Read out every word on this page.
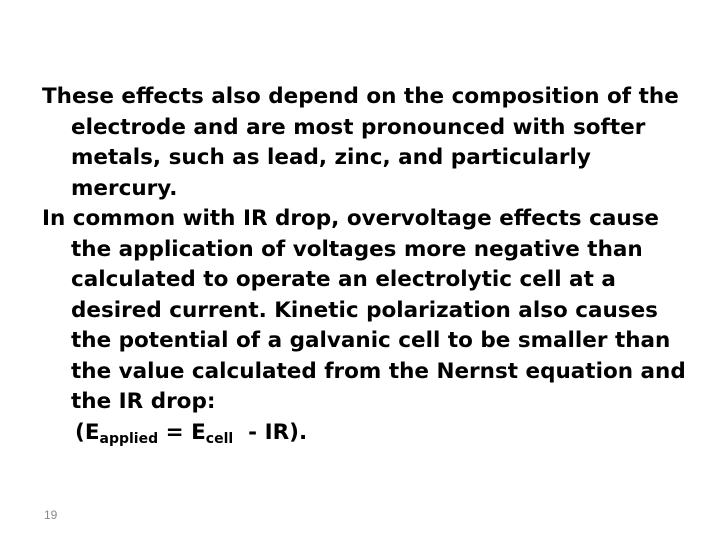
These effects also depend on the composition of the electrode and are most pronounced with softer metals, such as lead, zinc, and particularly mercury.

In common with IR drop, overvoltage effects cause the application of voltages more negative than calculated to operate an electrolytic cell at a desired current. Kinetic polarization also causes the potential of a galvanic cell to be smaller than the value calculated from the Nernst equation and the IR drop:

$(E_{applied} = E_{cell} - IR)$.

19
